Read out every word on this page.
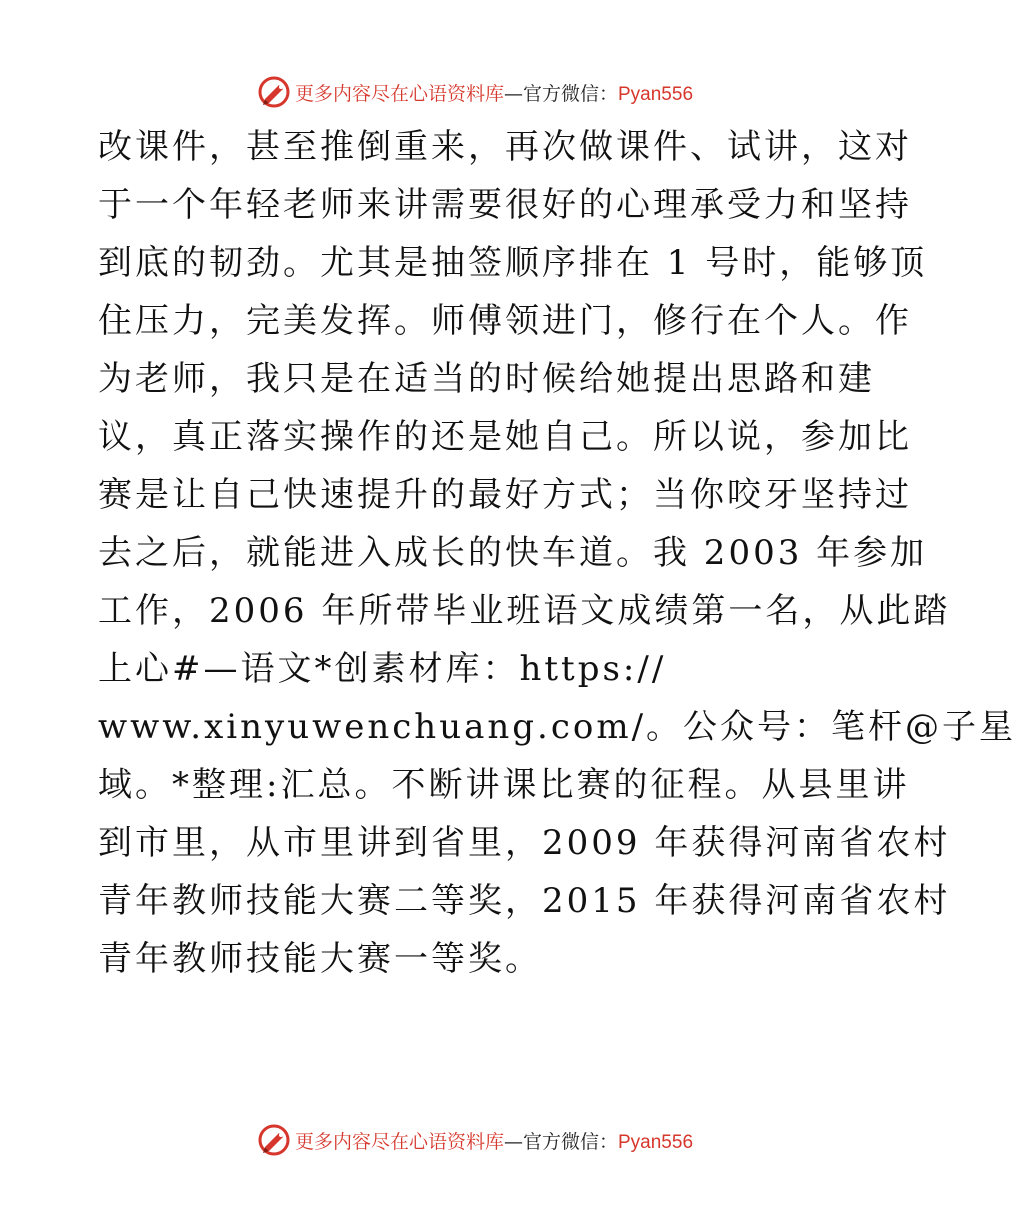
更多内容尽在心语资料库—官方微信：Pyan556
改课件，甚至推倒重来，再次做课件、试讲，这对
于一个年轻老师来讲需要很好的心理承受力和坚持
到底的韧劲。尤其是抽签顺序排在 1 号时，能够顶
住压力，完美发挥。师傅领进门，修行在个人。作
为老师，我只是在适当的时候给她提出思路和建
议，真正落实操作的还是她自己。所以说，参加比
赛是让自己快速提升的最好方式；当你咬牙坚持过
去之后，就能进入成长的快车道。我 2003 年参加
工作，2006 年所带毕业班语文成绩第一名，从此踏
上心#—语文*创素材库：https://
www.xinyuwenchuang.com/。公众号：笔杆@子星
域。*整理:汇总。不断讲课比赛的征程。从县里讲
到市里，从市里讲到省里，2009 年获得河南省农村
青年教师技能大赛二等奖，2015 年获得河南省农村
青年教师技能大赛一等奖。
更多内容尽在心语资料库—官方微信：Pyan556
